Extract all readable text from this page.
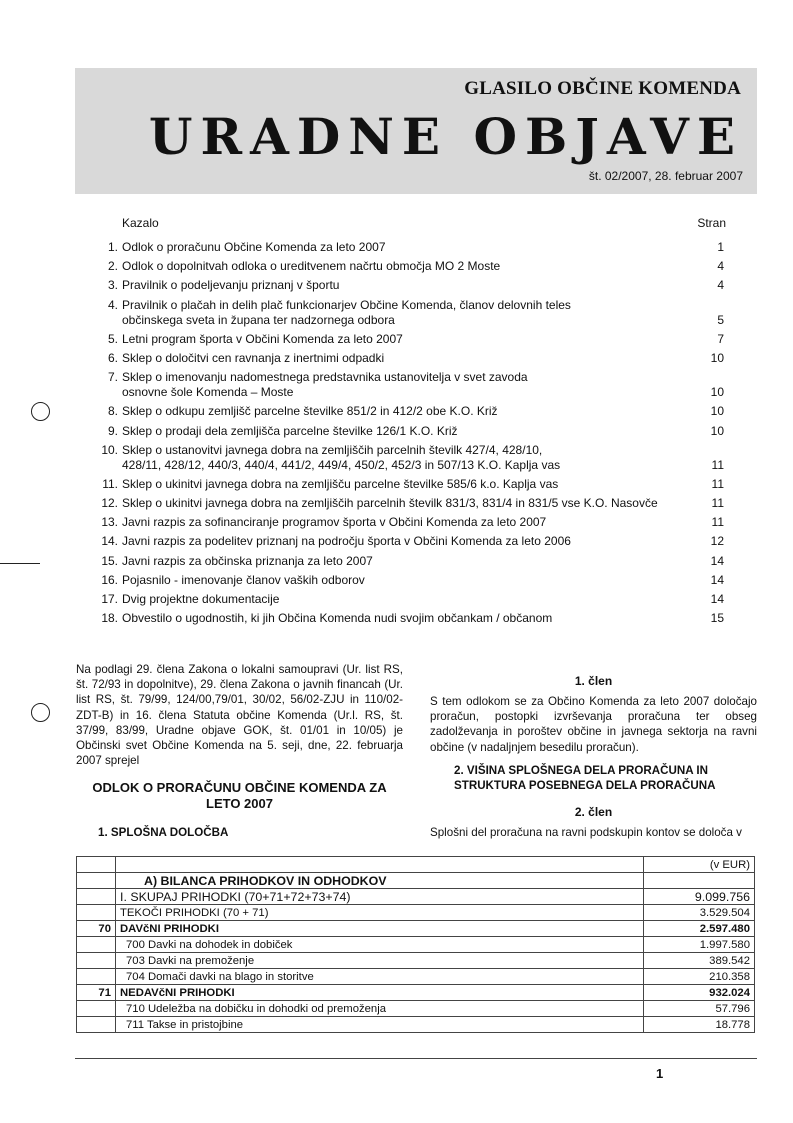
GLASILO OBČINE KOMENDA
URADNE OBJAVE
št. 02/2007, 28. februar 2007
Kazalo	Stran
1. Odlok o proračunu Občine Komenda za leto 2007	1
2. Odlok o dopolnitvah odloka o ureditvenem načrtu območja MO 2 Moste	4
3. Pravilnik o podeljevanju priznanj v športu	4
4. Pravilnik o plačah in delih plač funkcionarjev Občine Komenda, članov delovnih teles
občinskega sveta in župana ter nadzornega odbora	5
5. Letni program športa v Občini Komenda za leto 2007	7
6. Sklep o določitvi cen ravnanja z inertnimi odpadki	10
7. Sklep o imenovanju nadomestnega predstavnika ustanovitelja v svet zavoda
osnovne šole Komenda – Moste	10
8. Sklep o odkupu zemljišč parcelne številke 851/2 in 412/2 obe K.O. Križ	10
9. Sklep o prodaji dela zemljišča parcelne številke 126/1 K.O. Križ	10
10. Sklep o ustanovitvi javnega dobra na zemljiščih parcelnih številk 427/4, 428/10,
428/11, 428/12, 440/3, 440/4, 441/2, 449/4, 450/2, 452/3 in 507/13 K.O. Kaplja vas	11
11. Sklep o ukinitvi javnega dobra na zemljišču parcelne številke 585/6 k.o. Kaplja vas	11
12. Sklep o ukinitvi javnega dobra na zemljiščih parcelnih številk 831/3, 831/4 in 831/5 vse K.O. Nasovče	11
13. Javni razpis za sofinanciranje programov športa v Občini Komenda za leto 2007	11
14. Javni razpis za podelitev priznanj na področju športa v Občini Komenda za leto 2006	12
15. Javni razpis za občinska priznanja za leto 2007	14
16. Pojasnilo - imenovanje članov vaških odborov	14
17. Dvig projektne dokumentacije	14
18. Obvestilo o ugodnostih, ki jih Občina Komenda nudi svojim občankam / občanom	15

Na podlagi 29. člena Zakona o lokalni samoupravi (Ur. list RS, št. 72/93 in dopolnitve), 29. člena Zakona o javnih financah (Ur. list RS, št. 79/99, 124/00,79/01, 30/02, 56/02-ZJU in 110/02-ZDT-B) in 16. člena Statuta občine Komenda (Ur.l. RS, št. 37/99, 83/99, Uradne objave GOK, št. 01/01 in 10/05) je Občinski svet Občine Komenda na 5. seji, dne, 22. februarja 2007 sprejel

ODLOK O PRORAČUNU OBČINE KOMENDA ZA LETO 2007
1. SPLOŠNA DOLOČBA
1. člen

S tem odlokom se za Občino Komenda za leto 2007 določajo proračun, postopki izvrševanja proračuna ter obseg zadolževanja in poroštev občine in javnega sektorja na ravni občine (v nadaljnjem besedilu proračun).

2. VIŠINA SPLOŠNEGA DELA PRORAČUNA IN
STRUKTURA POSEBNEGA DELA PRORAČUNA
2. člen

Splošni del proračuna na ravni podskupin kontov se določa v

		(v EUR)
	A) BILANCA PRIHODKOV IN ODHODKOV	
	I. SKUPAJ PRIHODKI (70+71+72+73+74)	9.099.756
	TEKOČI PRIHODKI (70 + 71)	3.529.504
70	DAVčNI PRIHODKI	2.597.480
	700 Davki na dohodek in dobiček	1.997.580
	703 Davki na premoženje	389.542
	704 Domači davki na blago in storitve	210.358
71	NEDAVčNI PRIHODKI	932.024
	710 Udeležba na dobičku in dohodki od premoženja	57.796
	711 Takse in pristojbine	18.778
1
